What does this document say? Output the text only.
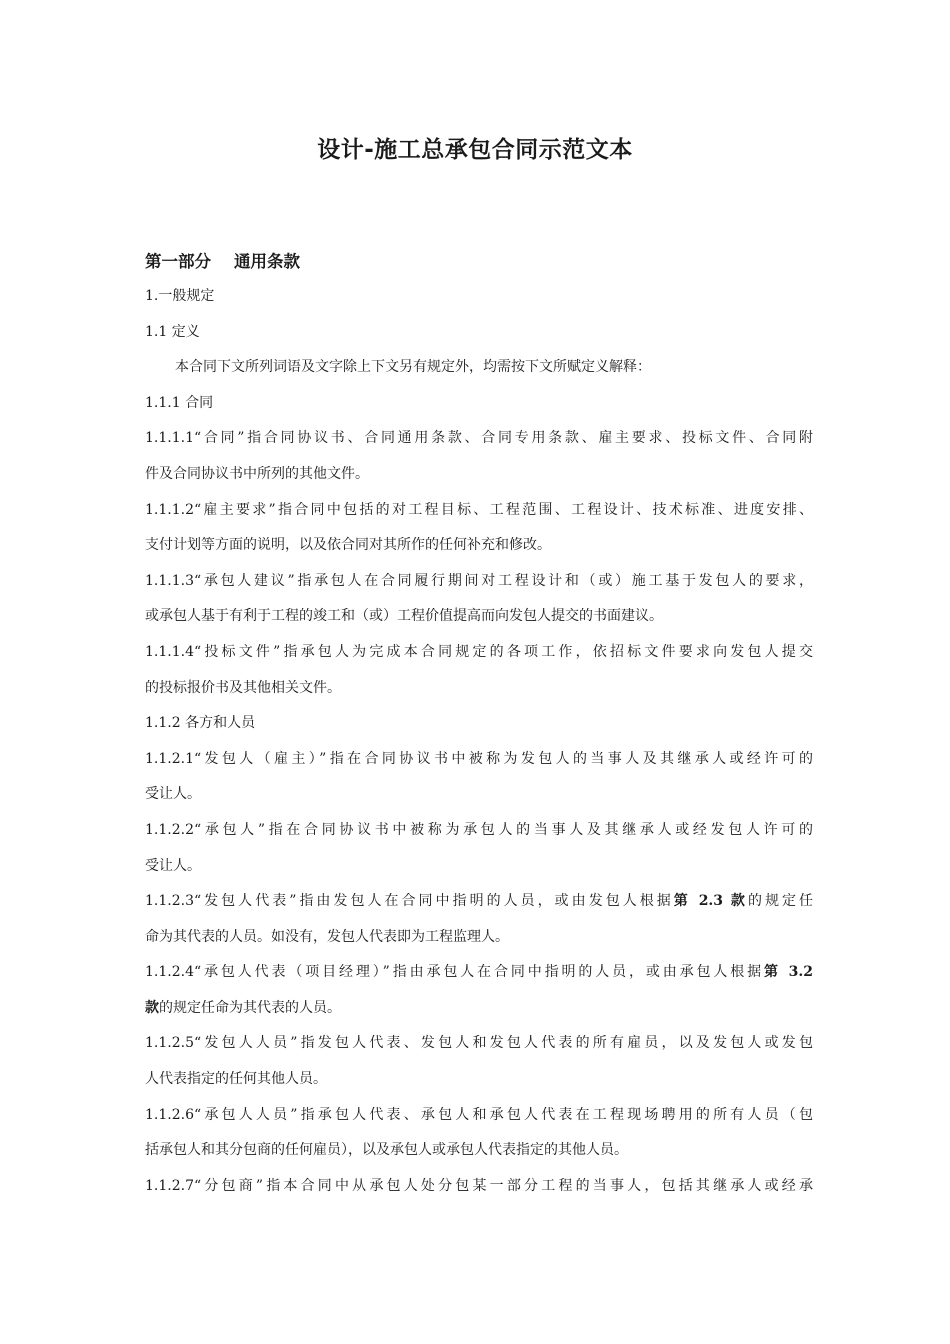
设计-施工总承包合同示范文本
第一部分    通用条款

1.一般规定

1.1 定义

本合同下文所列词语及文字除上下文另有规定外，均需按下文所赋定义解释：

1.1.1 合同

1.1.1.1“合同”指合同协议书、合同通用条款、合同专用条款、雇主要求、投标文件、合同附

件及合同协议书中所列的其他文件。

1.1.1.2“雇主要求”指合同中包括的对工程目标、工程范围、工程设计、技术标准、进度安排、

支付计划等方面的说明，以及依合同对其所作的任何补充和修改。

1.1.1.3“承包人建议”指承包人在合同履行期间对工程设计和（或）施工基于发包人的要求，

或承包人基于有利于工程的竣工和（或）工程价值提高而向发包人提交的书面建议。

1.1.1.4“投标文件”指承包人为完成本合同规定的各项工作，依招标文件要求向发包人提交

的投标报价书及其他相关文件。

1.1.2 各方和人员

1.1.2.1“发包人（雇主）”指在合同协议书中被称为发包人的当事人及其继承人或经许可的

受让人。

1.1.2.2“承包人”指在合同协议书中被称为承包人的当事人及其继承人或经发包人许可的

受让人。

1.1.2.3“发包人代表”指由发包人在合同中指明的人员，或由发包人根据第 2.3 款的规定任

命为其代表的人员。如没有，发包人代表即为工程监理人。

1.1.2.4“承包人代表（项目经理）”指由承包人在合同中指明的人员，或由承包人根据第 3.2

款的规定任命为其代表的人员。

1.1.2.5“发包人人员”指发包人代表、发包人和发包人代表的所有雇员，以及发包人或发包

人代表指定的任何其他人员。

1.1.2.6“承包人人员”指承包人代表、承包人和承包人代表在工程现场聘用的所有人员（包

括承包人和其分包商的任何雇员），以及承包人或承包人代表指定的其他人员。

1.1.2.7“分包商”指本合同中从承包人处分包某一部分工程的当事人，包括其继承人或经承
